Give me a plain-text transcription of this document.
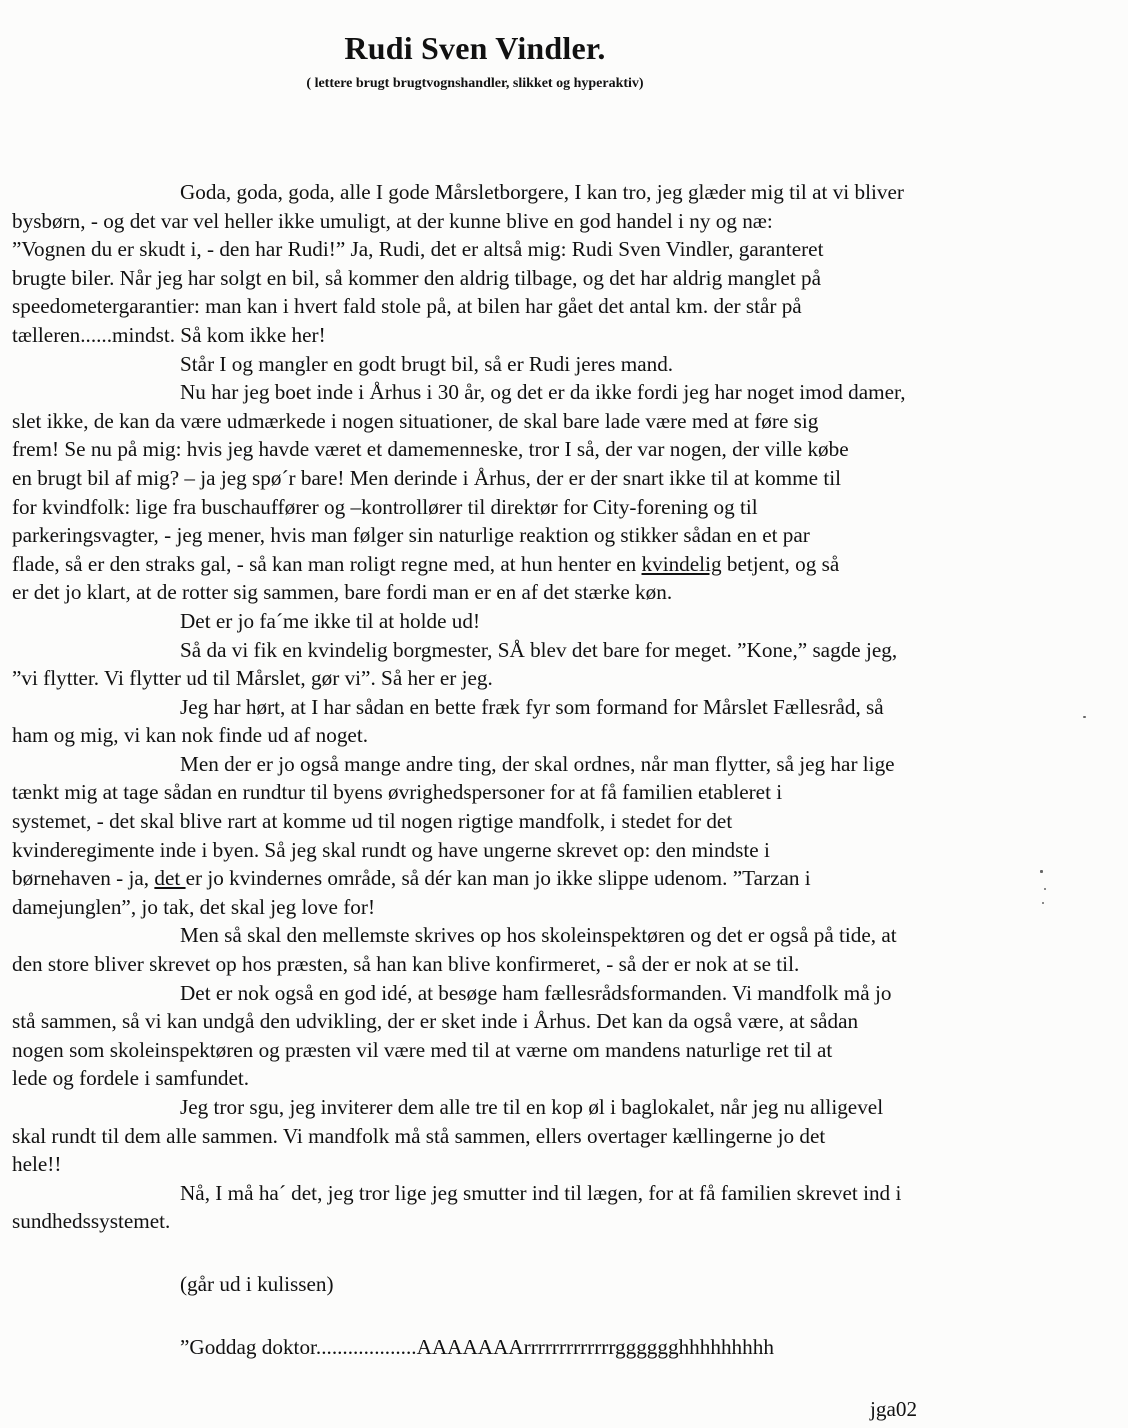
Rudi Sven Vindler.
( lettere brugt brugtvognshandler, slikket og hyperaktiv)
Goda, goda, goda, alle I gode Mårsletborgere, I kan tro, jeg glæder mig til at vi bliver
bysbørn, - og det var vel heller ikke umuligt, at der kunne blive en god handel i ny og næ:
”Vognen du er skudt i, - den har Rudi!” Ja, Rudi, det er altså mig: Rudi Sven Vindler, garanteret
brugte biler. Når jeg har solgt en bil, så kommer den aldrig tilbage, og det har aldrig manglet på
speedometergarantier: man kan i hvert fald stole på, at bilen har gået det antal km. der står på
tælleren......mindst. Så kom ikke her!
Står I og mangler en godt brugt bil, så er Rudi jeres mand.
Nu har jeg boet inde i Århus i 30 år, og det er da ikke fordi jeg har noget imod damer,
slet ikke, de kan da være udmærkede i nogen situationer, de skal bare lade være med at føre sig
frem! Se nu på mig: hvis jeg havde været et damemenneske, tror I så, der var nogen, der ville købe
en brugt bil af mig? – ja jeg spø´r bare! Men derinde i Århus, der er der snart ikke til at komme til
for kvindfolk: lige fra buschauffører og –kontrollører til direktør for City-forening og til
parkeringsvagter, - jeg mener, hvis man følger sin naturlige reaktion og stikker sådan en et par
flade, så er den straks gal, - så kan man roligt regne med, at hun henter en kvindelig betjent, og så
er det jo klart, at de rotter sig sammen, bare fordi man er en af det stærke køn.
Det er jo fa´me ikke til at holde ud!
Så da vi fik en kvindelig borgmester, SÅ blev det bare for meget. ”Kone,” sagde jeg,
”vi flytter. Vi flytter ud til Mårslet, gør vi”. Så her er jeg.
Jeg har hørt, at I har sådan en bette fræk fyr som formand for Mårslet Fællesråd, så
ham og mig, vi kan nok finde ud af noget.
Men der er jo også mange andre ting, der skal ordnes, når man flytter, så jeg har lige
tænkt mig at tage sådan en rundtur til byens øvrighedspersoner for at få familien etableret i
systemet, - det skal blive rart at komme ud til nogen rigtige mandfolk, i stedet for det
kvinderegimente inde i byen. Så jeg skal rundt og have ungerne skrevet op: den mindste i
børnehaven - ja, det er jo kvindernes område, så dér kan man jo ikke slippe udenom. ”Tarzan i
damejunglen”, jo tak, det skal jeg love for!
Men så skal den mellemste skrives op hos skoleinspektøren og det er også på tide, at
den store bliver skrevet op hos præsten, så han kan blive konfirmeret, - så der er nok at se til.
Det er nok også en god idé, at besøge ham fællesrådsformanden. Vi mandfolk må jo
stå sammen, så vi kan undgå den udvikling, der er sket inde i Århus. Det kan da også være, at sådan
nogen som skoleinspektøren og præsten vil være med til at værne om mandens naturlige ret til at
lede og fordele i samfundet.
Jeg tror sgu, jeg inviterer dem alle tre til en kop øl i baglokalet, når jeg nu alligevel
skal rundt til dem alle sammen. Vi mandfolk må stå sammen, ellers overtager kællingerne jo det
hele!!
Nå, I må ha´ det, jeg tror lige jeg smutter ind til lægen, for at få familien skrevet ind i
sundhedssystemet.
(går ud i kulissen)
”Goddag doktor...................AAAAAAArrrrrrrrrrrrrgggggghhhhhhhhh
jga02
